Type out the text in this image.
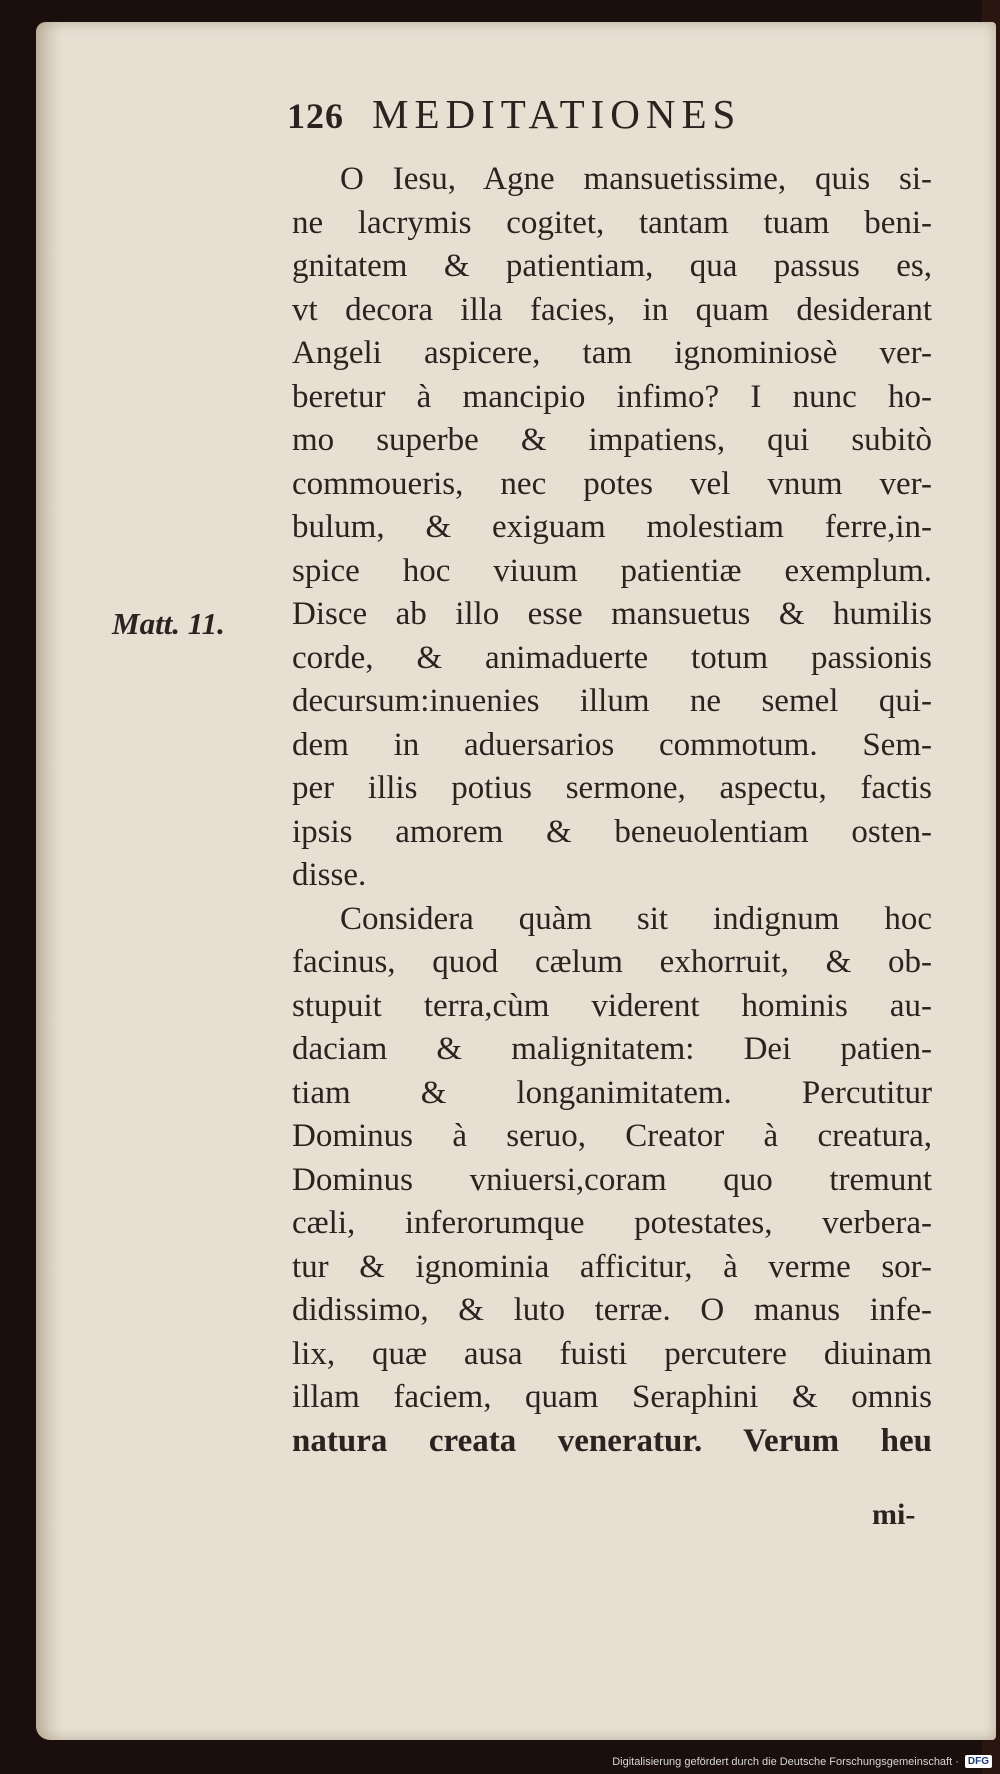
126 MEDITATIONES
Matt. 11.
O Iesu, Agne mansuetissime, quis si-
ne lacrymis cogitet, tantam tuam beni-
gnitatem & patientiam, qua passus es,
vt decora illa facies, in quam desiderant
Angeli aspicere, tam ignominiosè ver-
beretur à mancipio infimo? I nunc ho-
mo superbe & impatiens, qui subitò
commoueris, nec potes vel vnum ver-
bulum, & exiguam molestiam ferre,in-
spice hoc viuum patientiæ exemplum.
Disce ab illo esse mansuetus & humilis
corde, & animaduerte totum passionis
decursum:inuenies illum ne semel qui-
dem in aduersarios commotum. Sem-
per illis potius sermone, aspectu, factis
ipsis amorem & beneuolentiam osten-
disse.
Considera quàm sit indignum hoc
facinus, quod cælum exhorruit, & ob-
stupuit terra,cùm viderent hominis au-
daciam & malignitatem: Dei patien-
tiam & longanimitatem. Percutitur
Dominus à seruo, Creator à creatura,
Dominus vniuersi,coram quo tremunt
cæli, inferorumque potestates, verbera-
tur & ignominia afficitur, à verme sor-
didissimo, & luto terræ. O manus infe-
lix, quæ ausa fuisti percutere diuinam
illam faciem, quam Seraphini & omnis
natura creata veneratur. Verum heu
mi-
Digitalisierung gefördert durch die Deutsche Forschungsgemeinschaft · DFG
